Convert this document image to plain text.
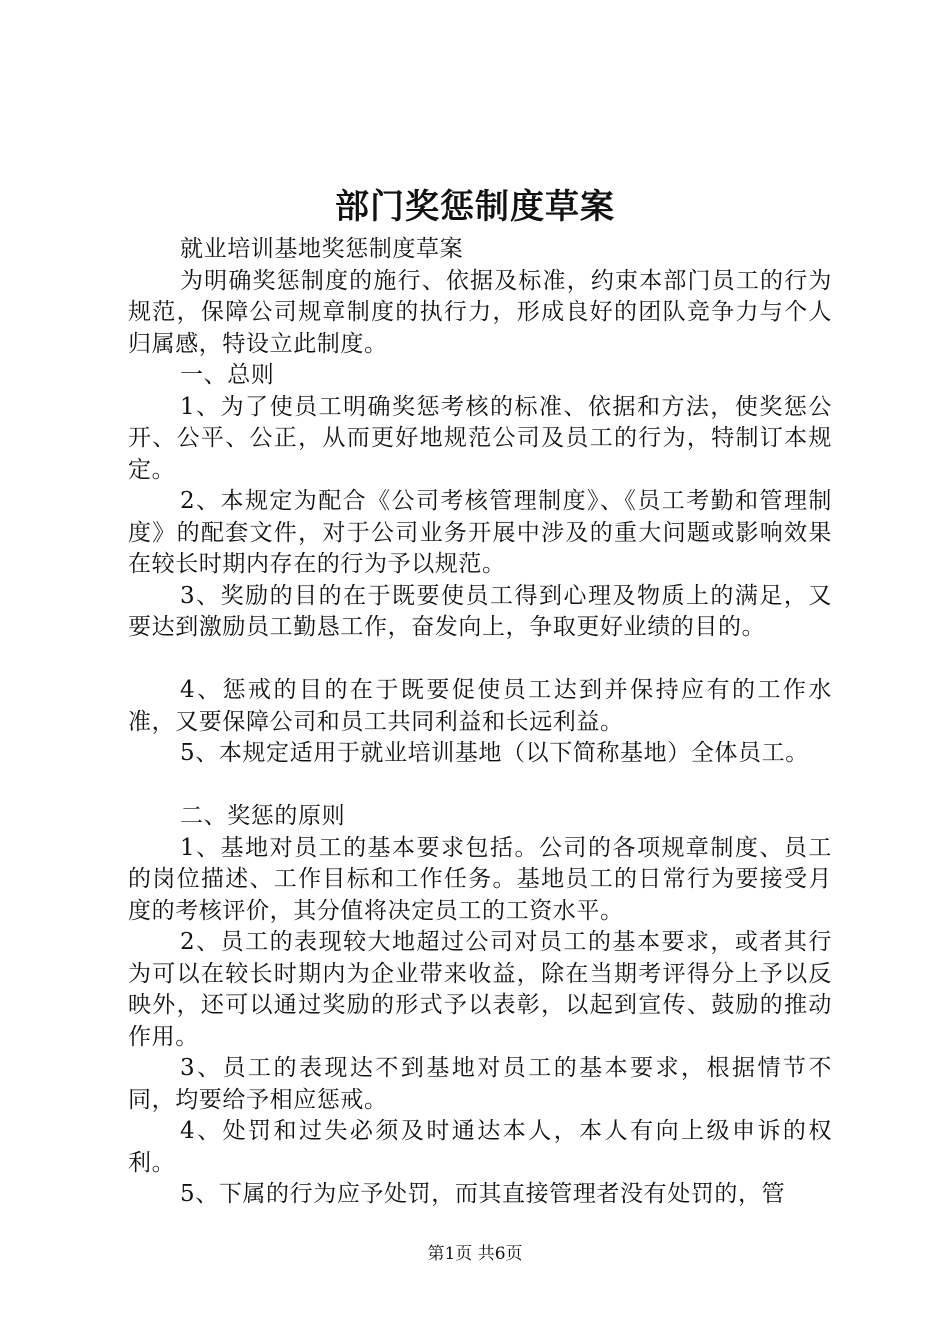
部门奖惩制度草案

就业培训基地奖惩制度草案

为明确奖惩制度的施行、依据及标准，约束本部门员工的行为规范，保障公司规章制度的执行力，形成良好的团队竞争力与个人归属感，特设立此制度。

一、总则

1、为了使员工明确奖惩考核的标准、依据和方法，使奖惩公开、公平、公正，从而更好地规范公司及员工的行为，特制订本规定。

2、本规定为配合《公司考核管理制度》、《员工考勤和管理制度》的配套文件，对于公司业务开展中涉及的重大问题或影响效果在较长时期内存在的行为予以规范。

3、奖励的目的在于既要使员工得到心理及物质上的满足，又要达到激励员工勤恳工作，奋发向上，争取更好业绩的目的。

4、惩戒的目的在于既要促使员工达到并保持应有的工作水准，又要保障公司和员工共同利益和长远利益。

5、本规定适用于就业培训基地（以下简称基地）全体员工。

二、奖惩的原则

1、基地对员工的基本要求包括。公司的各项规章制度、员工的岗位描述、工作目标和工作任务。基地员工的日常行为要接受月度的考核评价，其分值将决定员工的工资水平。

2、员工的表现较大地超过公司对员工的基本要求，或者其行为可以在较长时期内为企业带来收益，除在当期考评得分上予以反映外，还可以通过奖励的形式予以表彰，以起到宣传、鼓励的推动作用。

3、员工的表现达不到基地对员工的基本要求，根据情节不同，均要给予相应惩戒。

4、处罚和过失必须及时通达本人，本人有向上级申诉的权利。

5、下属的行为应予处罚，而其直接管理者没有处罚的，管

第1页 共6页
